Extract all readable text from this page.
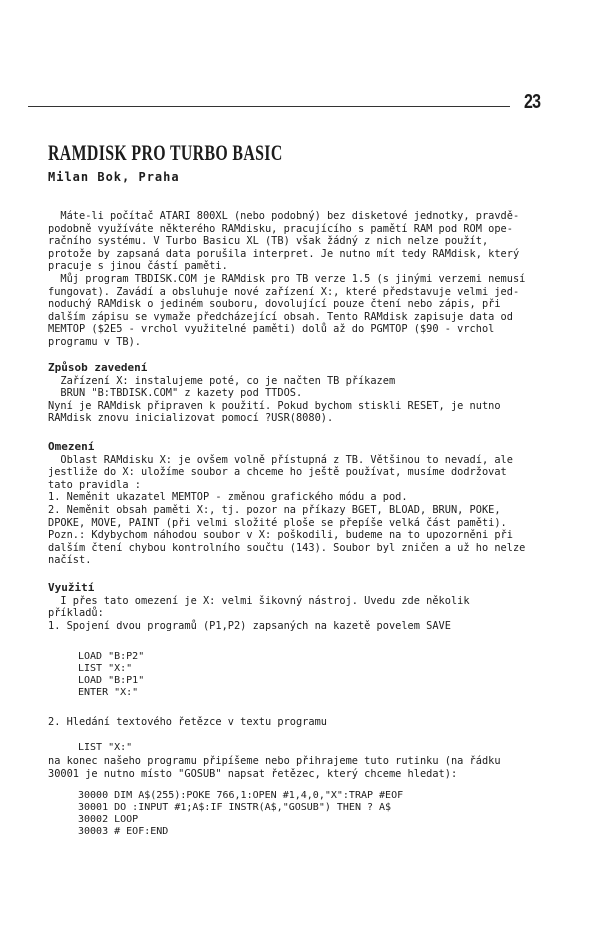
23
RAMDISK PRO TURBO BASIC
Milan Bok, Praha

Máte-li počítač ATARI 800XL (nebo podobný) bez disketové jednotky, pravdě-

podobně využíváte některého RAMdisku, pracujícího s pamětí RAM pod ROM ope-

račního systému. V Turbo Basicu XL (TB) však žádný z nich nelze použít,

protože by zapsaná data porušila interpret. Je nutno mít tedy RAMdisk, který

pracuje s jinou částí paměti.

Můj program TBDISK.COM je RAMdisk pro TB verze 1.5 (s jinými verzemi nemusí

fungovat). Zavádí a obsluhuje nové zařízení X:, které představuje velmi jed-

noduchý RAMdisk o jediném souboru, dovolující pouze čtení nebo zápis, při

dalším zápisu se vymaže předcházející obsah. Tento RAMdisk zapisuje data od

MEMTOP ($2E5 - vrchol využitelné paměti) dolů až do PGMTOP ($90 - vrchol

programu v TB).

Způsob zavedení

Zařízení X: instalujeme poté, co je načten TB příkazem

BRUN "B:TBDISK.COM" z kazety pod TTDOS.

Nyní je RAMdisk připraven k použití. Pokud bychom stiskli RESET, je nutno

RAMdisk znovu inicializovat pomocí ?USR(8080).

Omezení

Oblast RAMdisku X: je ovšem volně přístupná z TB. Většinou to nevadí, ale

jestliže do X: uložíme soubor a chceme ho ještě používat, musíme dodržovat

tato pravidla :

1. Neměnit ukazatel MEMTOP - změnou grafického módu a pod.

2. Neměnit obsah paměti X:, tj. pozor na příkazy BGET, BLOAD, BRUN, POKE,

DPOKE, MOVE, PAINT (při velmi složité ploše se přepíše velká část paměti).

Pozn.: Kdybychom náhodou soubor v X: poškodili, budeme na to upozorněni při

dalším čtení chybou kontrolního součtu (143). Soubor byl zničen a už ho nelze

načíst.

Využití

I přes tato omezení je X: velmi šikovný nástroj. Uvedu zde několik

příkladů:

1. Spojení dvou programů (P1,P2) zapsaných na kazetě povelem SAVE

LOAD "B:P2"

LIST "X:"

LOAD "B:P1"

ENTER "X:"

2. Hledání textového řetězce v textu programu

LIST "X:"

na konec našeho programu připíšeme nebo přihrajeme tuto rutinku (na řádku

30001 je nutno místo "GOSUB" napsat řetězec, který chceme hledat):

30000 DIM A$(255):POKE 766,1:OPEN #1,4,0,"X":TRAP #EOF

30001 DO :INPUT #1;A$:IF INSTR(A$,"GOSUB") THEN ? A$

30002 LOOP

30003 # EOF:END
